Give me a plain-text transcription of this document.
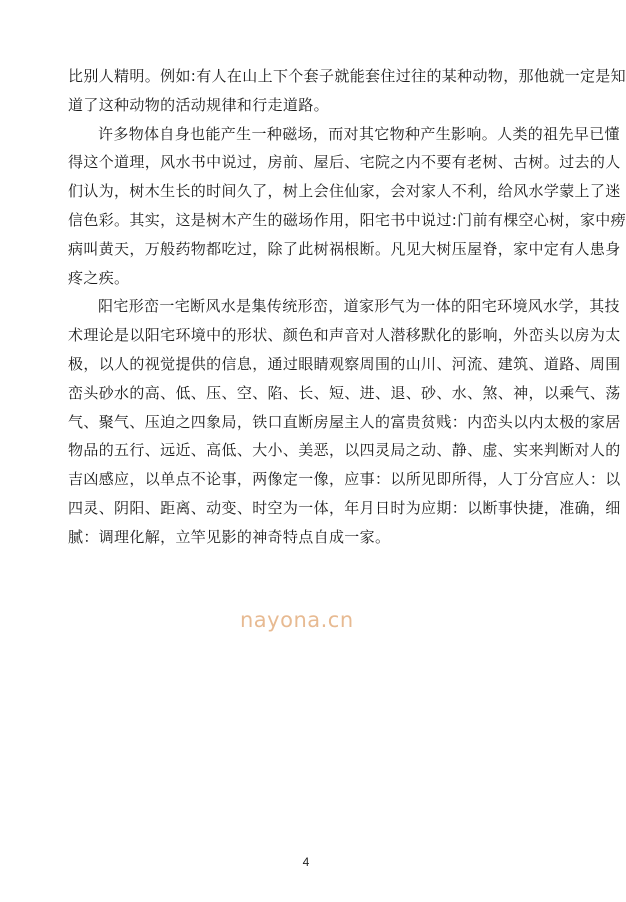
比别人精明。例如:有人在山上下个套子就能套住过往的某种动物，那他就一定是知
道了这种动物的活动规律和行走道路。
许多物体自身也能产生一种磁场，而对其它物种产生影响。人类的祖先早已懂
得这个道理，风水书中说过，房前、屋后、宅院之内不要有老树、古树。过去的人
们认为，树木生长的时间久了，树上会住仙家，会对家人不利，给风水学蒙上了迷
信色彩。其实，这是树木产生的磁场作用，阳宅书中说过:门前有棵空心树，家中痨
病叫黄天，万般药物都吃过，除了此树祸根断。凡见大树压屋脊，家中定有人患身
疼之疾。
阳宅形峦一宅断风水是集传统形峦，道家形气为一体的阳宅环境风水学，其技
术理论是以阳宅环境中的形状、颜色和声音对人潜移默化的影响，外峦头以房为太
极，以人的视觉提供的信息，通过眼睛观察周围的山川、河流、建筑、道路、周围
峦头砂水的高、低、压、空、陷、长、短、进、退、砂、水、煞、神，以乘气、荡
气、聚气、压迫之四象局，铁口直断房屋主人的富贵贫贱：内峦头以内太极的家居
物品的五行、远近、高低、大小、美恶，以四灵局之动、静、虚、实来判断对人的
吉凶感应，以单点不论事，两像定一像，应事：以所见即所得，人丁分宫应人：以
四灵、阴阳、距离、动变、时空为一体，年月日时为应期：以断事快捷，准确，细
腻：调理化解，立竿见影的神奇特点自成一家。
nayona.cn
4
